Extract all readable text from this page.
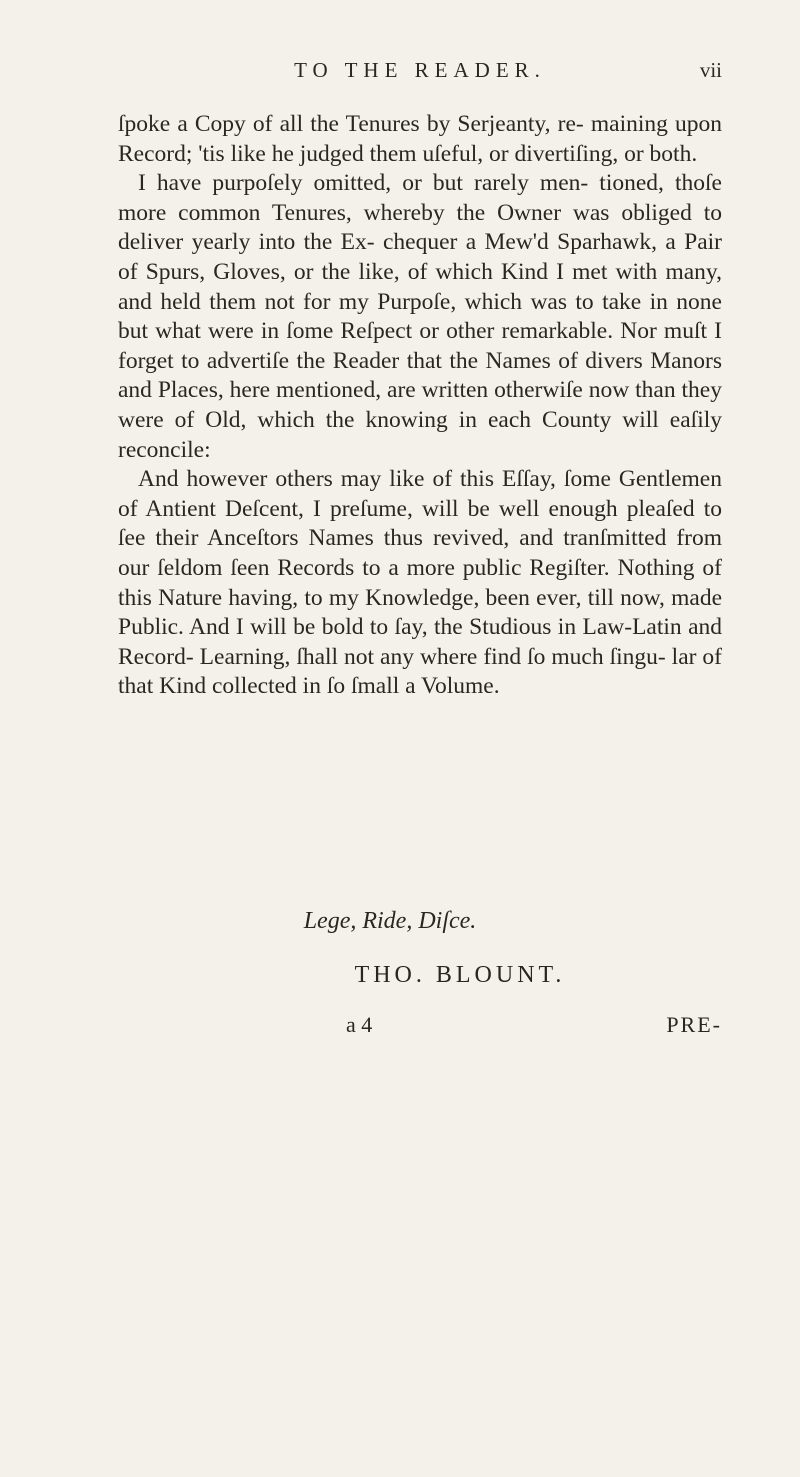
TO THE READER.	vii

ſpoke a Copy of all the Tenures by Serjeanty, re- maining upon Record; 'tis like he judged them uſeful, or divertiſing, or both.

I have purpoſely omitted, or but rarely men- tioned, thoſe more common Tenures, whereby the Owner was obliged to deliver yearly into the Ex- chequer a Mew'd Sparhawk, a Pair of Spurs, Gloves, or the like, of which Kind I met with many, and held them not for my Purpoſe, which was to take in none but what were in ſome Reſpect or other remarkable. Nor muſt I forget to advertiſe the Reader that the Names of divers Manors and Places, here mentioned, are written otherwiſe now than they were of Old, which the knowing in each County will eaſily reconcile:

And however others may like of this Eſſay, ſome Gentlemen of Antient Deſcent, I preſume, will be well enough pleaſed to ſee their Anceſtors Names thus revived, and tranſmitted from our ſeldom ſeen Records to a more public Regiſter. Nothing of this Nature having, to my Knowledge, been ever, till now, made Public. And I will be bold to ſay, the Studious in Law-Latin and Record- Learning, ſhall not any where find ſo much ſingu- lar of that Kind collected in ſo ſmall a Volume.

Lege, Ride, Diſce.
THO. BLOUNT.
a 4	PRE-
